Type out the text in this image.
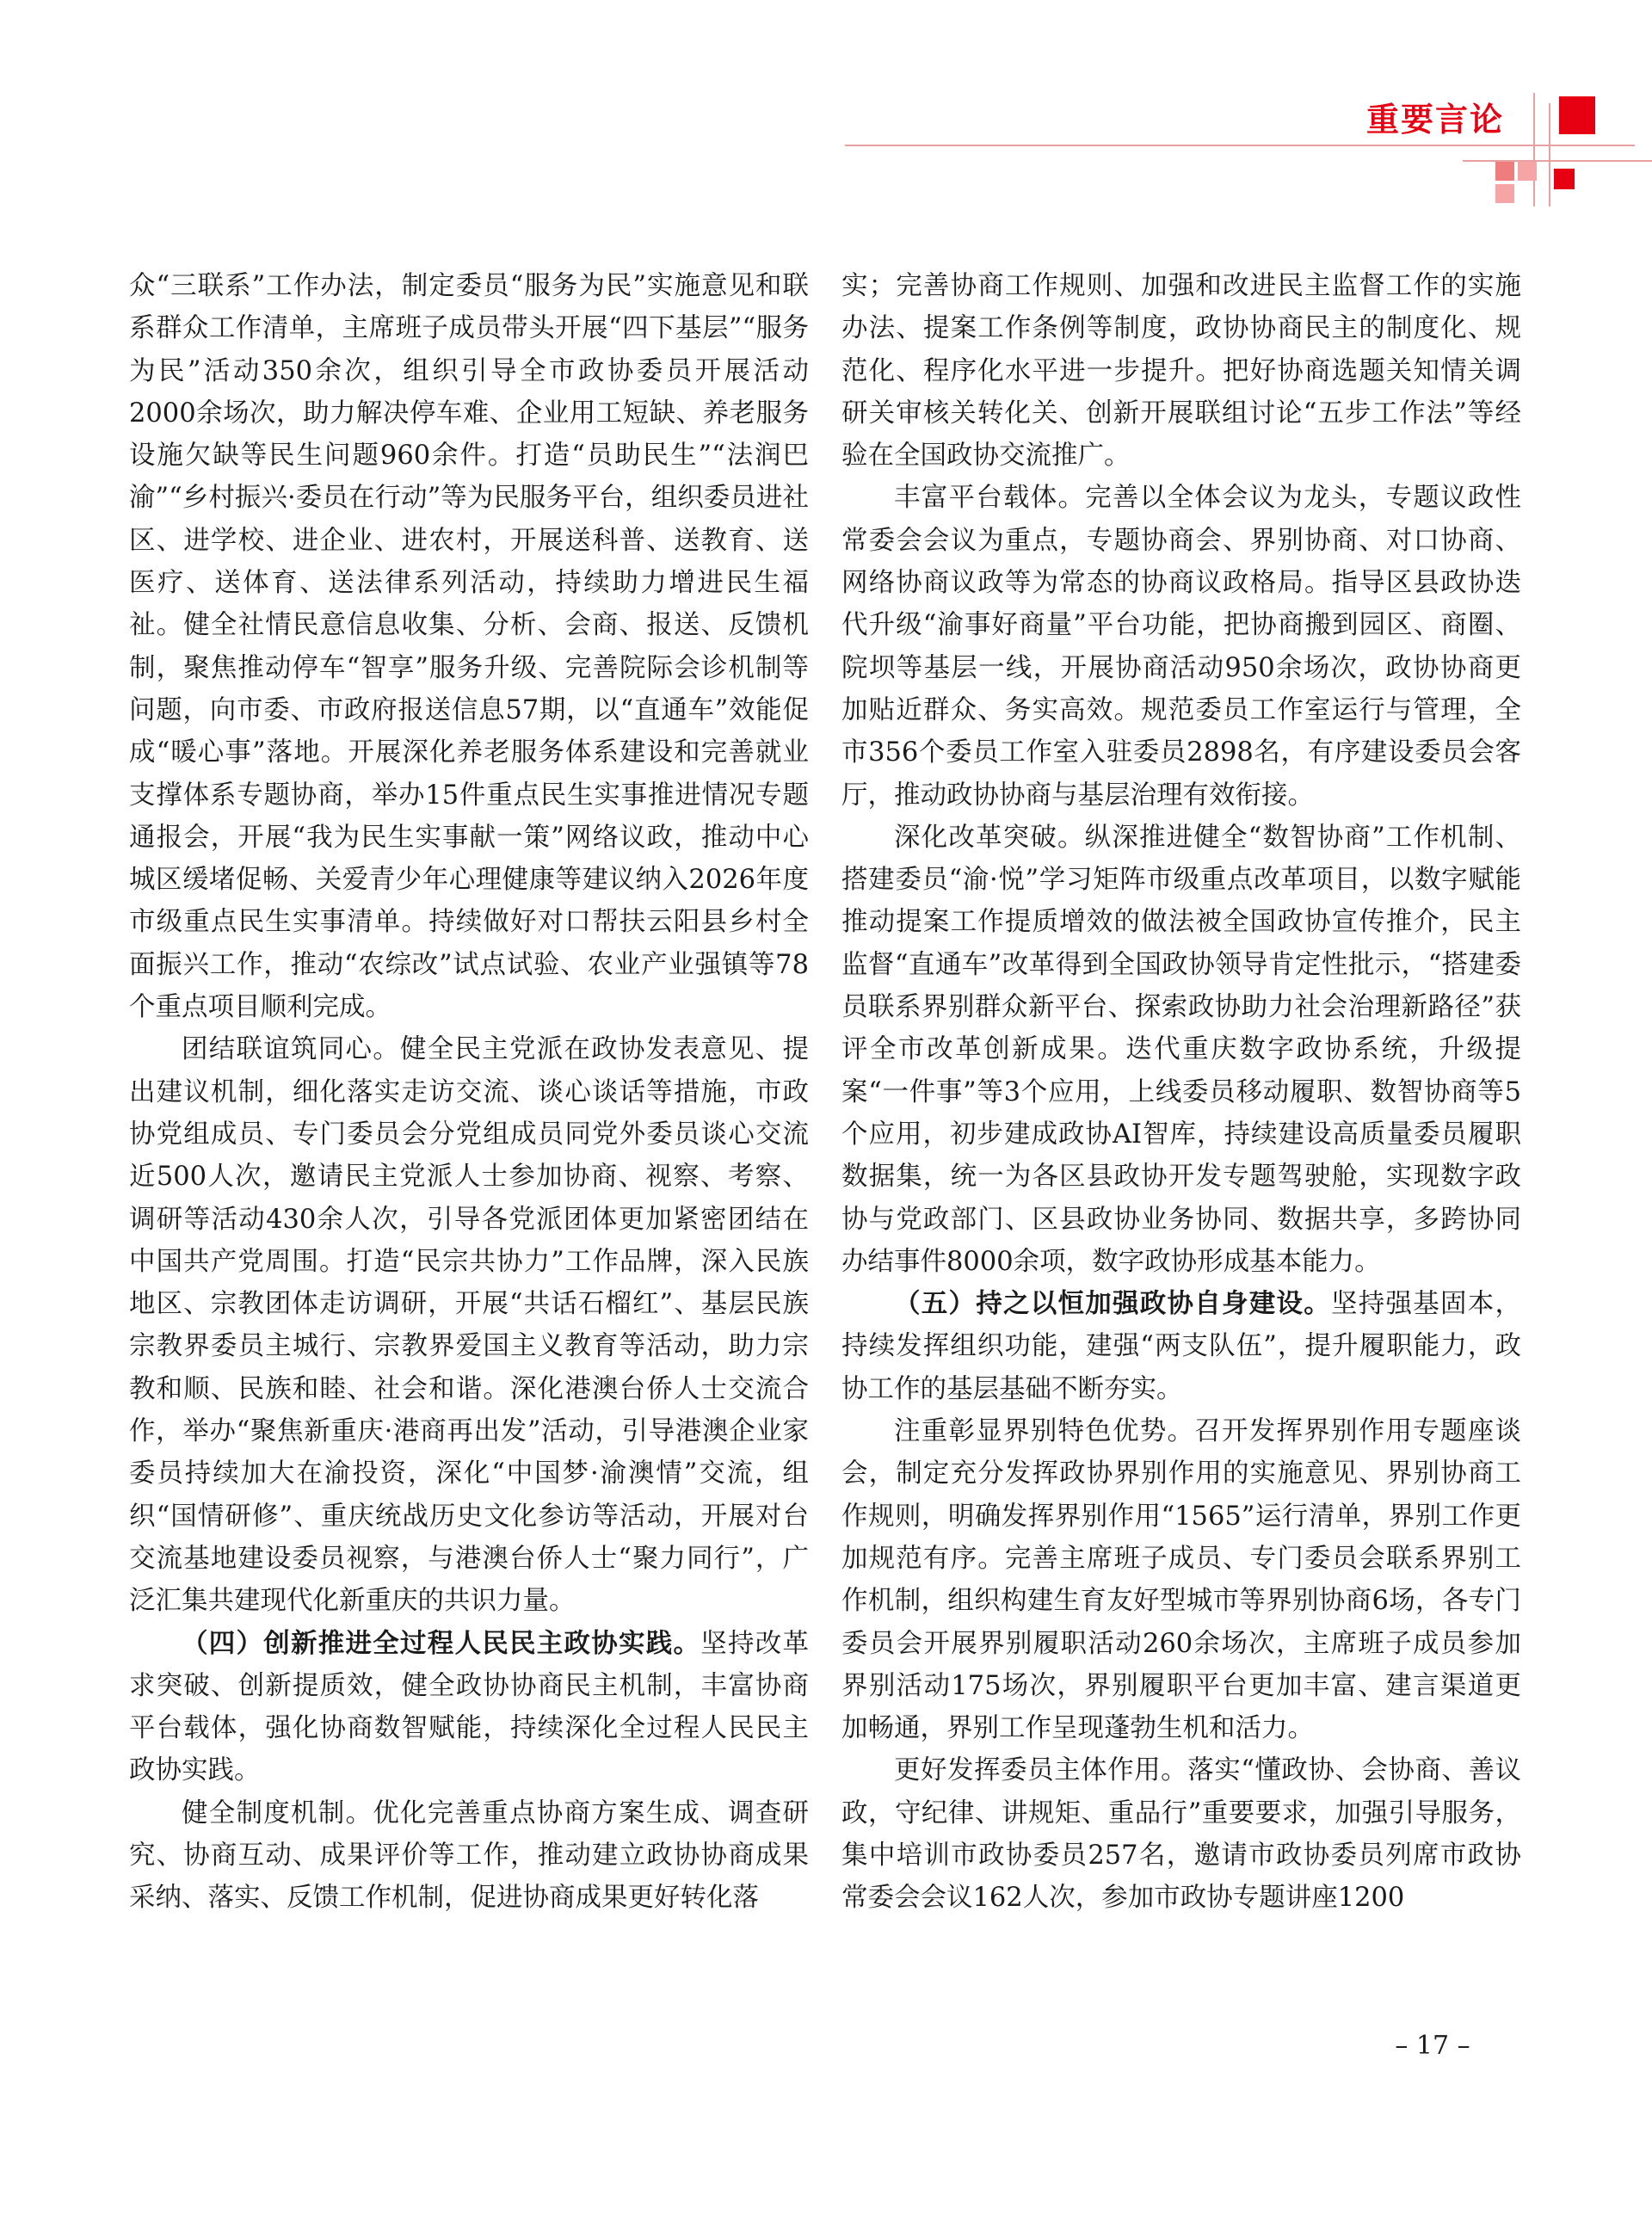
重要言论

众“三联系”工作办法，制定委员“服务为民”实施意见和联系群众工作清单，主席班子成员带头开展“四下基层”“服务为民”活动350余次，组织引导全市政协委员开展活动2000余场次，助力解决停车难、企业用工短缺、养老服务设施欠缺等民生问题960余件。打造“员助民生”“法润巴渝”“乡村振兴·委员在行动”等为民服务平台，组织委员进社区、进学校、进企业、进农村，开展送科普、送教育、送医疗、送体育、送法律系列活动，持续助力增进民生福祉。健全社情民意信息收集、分析、会商、报送、反馈机制，聚焦推动停车“智享”服务升级、完善院际会诊机制等问题，向市委、市政府报送信息57期，以“直通车”效能促成“暖心事”落地。开展深化养老服务体系建设和完善就业支撑体系专题协商，举办15件重点民生实事推进情况专题通报会，开展“我为民生实事献一策”网络议政，推动中心城区缓堵促畅、关爱青少年心理健康等建议纳入2026年度市级重点民生实事清单。持续做好对口帮扶云阳县乡村全面振兴工作，推动“农综改”试点试验、农业产业强镇等78个重点项目顺利完成。

团结联谊筑同心。健全民主党派在政协发表意见、提出建议机制，细化落实走访交流、谈心谈话等措施，市政协党组成员、专门委员会分党组成员同党外委员谈心交流近500人次，邀请民主党派人士参加协商、视察、考察、调研等活动430余人次，引导各党派团体更加紧密团结在中国共产党周围。打造“民宗共协力”工作品牌，深入民族地区、宗教团体走访调研，开展“共话石榴红”、基层民族宗教界委员主城行、宗教界爱国主义教育等活动，助力宗教和顺、民族和睦、社会和谐。深化港澳台侨人士交流合作，举办“聚焦新重庆·港商再出发”活动，引导港澳企业家委员持续加大在渝投资，深化“中国梦·渝澳情”交流，组织“国情研修”、重庆统战历史文化参访等活动，开展对台交流基地建设委员视察，与港澳台侨人士“聚力同行”，广泛汇集共建现代化新重庆的共识力量。

（四）创新推进全过程人民民主政协实践。坚持改革求突破、创新提质效，健全政协协商民主机制，丰富协商平台载体，强化协商数智赋能，持续深化全过程人民民主政协实践。

健全制度机制。优化完善重点协商方案生成、调查研究、协商互动、成果评价等工作，推动建立政协协商成果采纳、落实、反馈工作机制，促进协商成果更好转化落

实；完善协商工作规则、加强和改进民主监督工作的实施办法、提案工作条例等制度，政协协商民主的制度化、规范化、程序化水平进一步提升。把好协商选题关知情关调研关审核关转化关、创新开展联组讨论“五步工作法”等经验在全国政协交流推广。

丰富平台载体。完善以全体会议为龙头，专题议政性常委会会议为重点，专题协商会、界别协商、对口协商、网络协商议政等为常态的协商议政格局。指导区县政协迭代升级“渝事好商量”平台功能，把协商搬到园区、商圈、院坝等基层一线，开展协商活动950余场次，政协协商更加贴近群众、务实高效。规范委员工作室运行与管理，全市356个委员工作室入驻委员2898名，有序建设委员会客厅，推动政协协商与基层治理有效衔接。

深化改革突破。纵深推进健全“数智协商”工作机制、搭建委员“渝·悦”学习矩阵市级重点改革项目，以数字赋能推动提案工作提质增效的做法被全国政协宣传推介，民主监督“直通车”改革得到全国政协领导肯定性批示，“搭建委员联系界别群众新平台、探索政协助力社会治理新路径”获评全市改革创新成果。迭代重庆数字政协系统，升级提案“一件事”等3个应用，上线委员移动履职、数智协商等5个应用，初步建成政协AI智库，持续建设高质量委员履职数据集，统一为各区县政协开发专题驾驶舱，实现数字政协与党政部门、区县政协业务协同、数据共享，多跨协同办结事件8000余项，数字政协形成基本能力。

（五）持之以恒加强政协自身建设。坚持强基固本，持续发挥组织功能，建强“两支队伍”，提升履职能力，政协工作的基层基础不断夯实。

注重彰显界别特色优势。召开发挥界别作用专题座谈会，制定充分发挥政协界别作用的实施意见、界别协商工作规则，明确发挥界别作用“1565”运行清单，界别工作更加规范有序。完善主席班子成员、专门委员会联系界别工作机制，组织构建生育友好型城市等界别协商6场，各专门委员会开展界别履职活动260余场次，主席班子成员参加界别活动175场次，界别履职平台更加丰富、建言渠道更加畅通，界别工作呈现蓬勃生机和活力。

更好发挥委员主体作用。落实“懂政协、会协商、善议政，守纪律、讲规矩、重品行”重要要求，加强引导服务，集中培训市政协委员257名，邀请市政协委员列席市政协常委会会议162人次，参加市政协专题讲座1200

– 17 –
